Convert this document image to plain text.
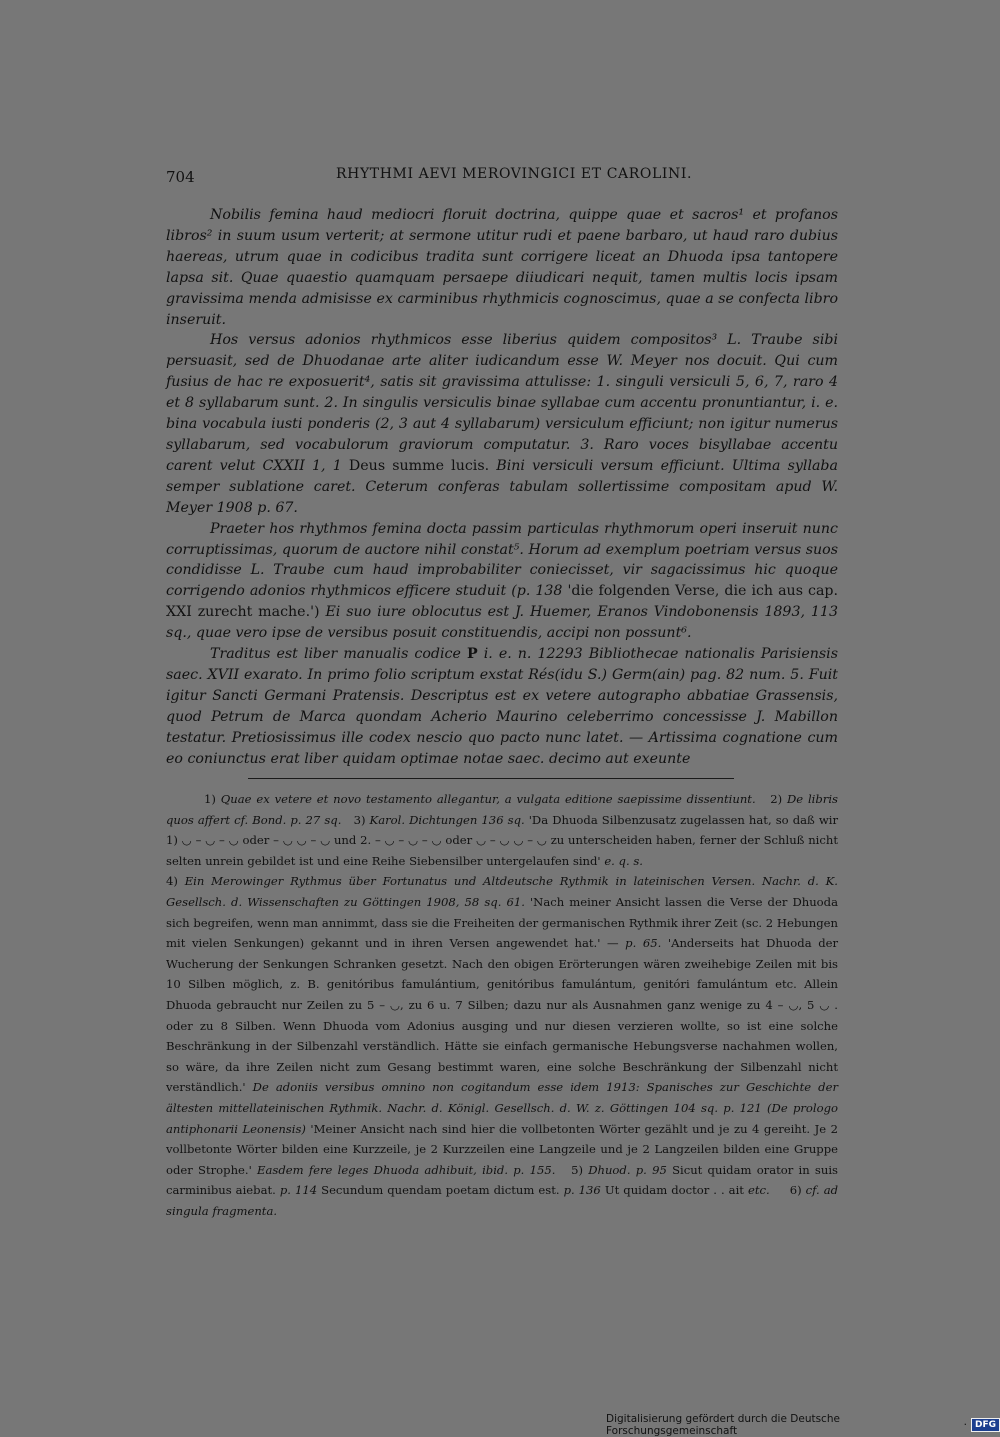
704	RHYTHMI AEVI MEROVINGICI ET CAROLINI.

Nobilis femina haud mediocri floruit doctrina, quippe quae et sacros¹ et profanos libros² in suum usum verterit; at sermone utitur rudi et paene barbaro, ut haud raro dubius haereas, utrum quae in codicibus tradita sunt corrigere liceat an Dhuoda ipsa tantopere lapsa sit. Quae quaestio quamquam persaepe diiudicari nequit, tamen multis locis ipsam gravissima menda admisisse ex carminibus rhythmicis cognoscimus, quae a se confecta libro inseruit.

Hos versus adonios rhythmicos esse liberius quidem compositos³ L. Traube sibi persuasit, sed de Dhuodanae arte aliter iudicandum esse W. Meyer nos docuit. Qui cum fusius de hac re exposuerit⁴, satis sit gravissima attulisse: 1. singuli versiculi 5, 6, 7, raro 4 et 8 syllabarum sunt. 2. In singulis versiculis binae syllabae cum accentu pronuntiantur, i. e. bina vocabula iusti ponderis (2, 3 aut 4 syllabarum) versiculum efficiunt; non igitur numerus syllabarum, sed vocabulorum graviorum computatur. 3. Raro voces bisyllabae accentu carent velut CXXII 1, 1 Deus summe lucis. Bini versiculi versum efficiunt. Ultima syllaba semper sublatione caret. Ceterum conferas tabulam sollertissime compositam apud W. Meyer 1908 p. 67.

Praeter hos rhythmos femina docta passim particulas rhythmorum operi inseruit nunc corruptissimas, quorum de auctore nihil constat⁵. Horum ad exemplum poetriam versus suos condidisse L. Traube cum haud improbabiliter coniecisset, vir sagacissimus hic quoque corrigendo adonios rhythmicos efficere studuit (p. 138 'die folgenden Verse, die ich aus cap. XXI zurecht mache.') Ei suo iure oblocutus est J. Huemer, Eranos Vindobonensis 1893, 113 sq., quae vero ipse de versibus posuit constituendis, accipi non possunt⁶.

Traditus est liber manualis codice P i. e. n. 12293 Bibliothecae nationalis Parisiensis saec. XVII exarato. In primo folio scriptum exstat Rés(idu S.) Germ(ain) pag. 82 num. 5. Fuit igitur Sancti Germani Pratensis. Descriptus est ex vetere autographo abbatiae Grassensis, quod Petrum de Marca quondam Acherio Maurino celeberrimo concessisse J. Mabillon testatur. Pretiosissimus ille codex nescio quo pacto nunc latet. — Artissima cognatione cum eo coniunctus erat liber quidam optimae notae saec. decimo aut exeunte

1) Quae ex vetere et novo testamento allegantur, a vulgata editione saepissime dissentiunt. 2) De libris quos affert cf. Bond. p. 27 sq. 3) Karol. Dichtungen 136 sq. 'Da Dhuoda Silbenzusatz zugelassen hat, so daß wir 1) ◡ – ◡ – ◡ oder – ◡ ◡ – ◡ und 2. – ◡ – ◡ – ◡ oder ◡ – ◡ ◡ – ◡ zu unterscheiden haben, ferner der Schluß nicht selten unrein gebildet ist und eine Reihe Siebensilber untergelaufen sind' e. q. s.
4) Ein Merowinger Rythmus über Fortunatus und Altdeutsche Rythmik in lateinischen Versen. Nachr. d. K. Gesellsch. d. Wissenschaften zu Göttingen 1908, 58 sq. 61. 'Nach meiner Ansicht lassen die Verse der Dhuoda sich begreifen, wenn man annimmt, dass sie die Freiheiten der germanischen Rythmik ihrer Zeit (sc. 2 Hebungen mit vielen Senkungen) gekannt und in ihren Versen angewendet hat.' — p. 65. 'Anderseits hat Dhuoda der Wucherung der Senkungen Schranken gesetzt. Nach den obigen Erörterungen wären zweihebige Zeilen mit bis 10 Silben möglich, z. B. genitóribus famulántium, genitóribus famulántum, genitóri famulántum etc. Allein Dhuoda gebraucht nur Zeilen zu 5 – ◡, zu 6 u. 7 Silben; dazu nur als Ausnahmen ganz wenige zu 4 – ◡, 5 ◡ . oder zu 8 Silben. Wenn Dhuoda vom Adonius ausging und nur diesen verzieren wollte, so ist eine solche Beschränkung in der Silbenzahl verständlich. Hätte sie einfach germanische Hebungsverse nachahmen wollen, so wäre, da ihre Zeilen nicht zum Gesang bestimmt waren, eine solche Beschränkung der Silbenzahl nicht verständlich.' De adoniis versibus omnino non cogitandum esse idem 1913: Spanisches zur Geschichte der ältesten mittellateinischen Rythmik. Nachr. d. Königl. Gesellsch. d. W. z. Göttingen 104 sq. p. 121 (De prologo antiphonarii Leonensis) 'Meiner Ansicht nach sind hier die vollbetonten Wörter gezählt und je zu 4 gereiht. Je 2 vollbetonte Wörter bilden eine Kurzzeile, je 2 Kurzzeilen eine Langzeile und je 2 Langzeilen bilden eine Gruppe oder Strophe.' Easdem fere leges Dhuoda adhibuit, ibid. p. 155. 5) Dhuod. p. 95 Sicut quidam orator in suis carminibus aiebat. p. 114 Secundum quendam poetam dictum est. p. 136 Ut quidam doctor . . ait etc. 6) cf. ad singula fragmenta.

Digitalisierung gefördert durch die Deutsche Forschungsgemeinschaft	· DFG
